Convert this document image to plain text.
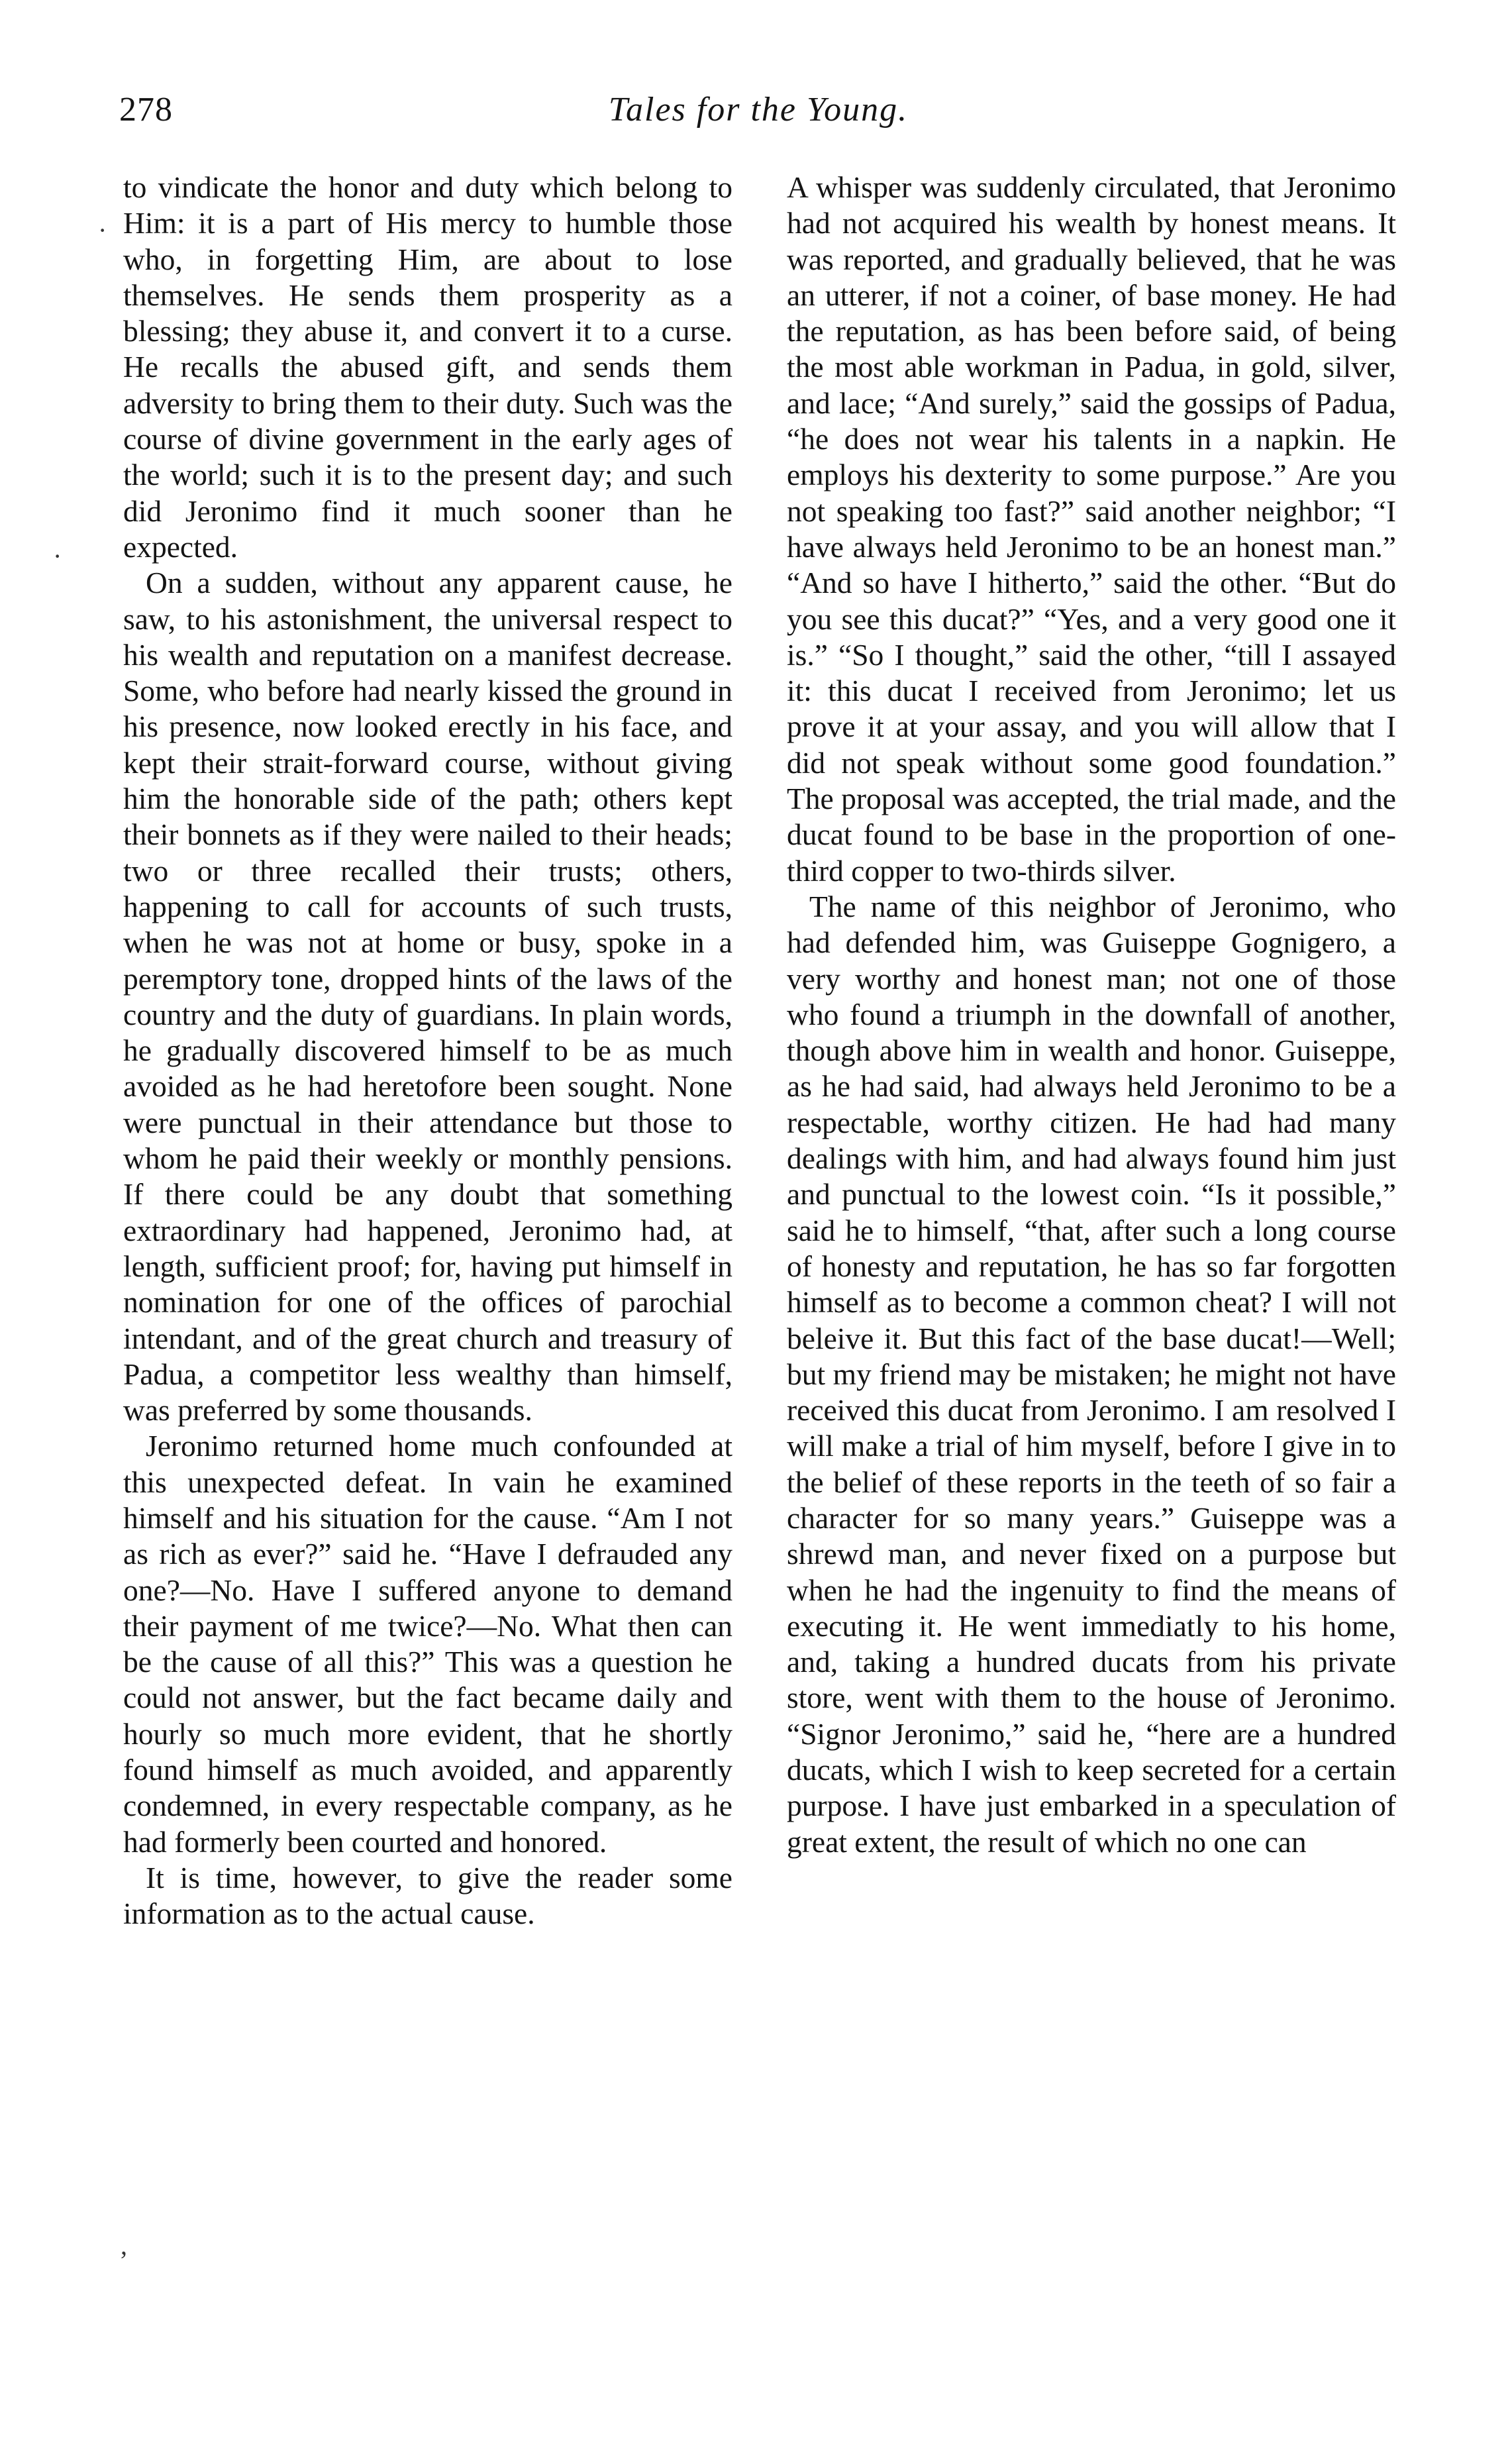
278	Tales for the Young.

to vindicate the honor and duty which belong to Him: it is a part of His mercy to humble those who, in forgetting Him, are about to lose themselves. He sends them prosperity as a blessing; they abuse it, and convert it to a curse. He recalls the abused gift, and sends them adversity to bring them to their duty. Such was the course of divine government in the early ages of the world; such it is to the present day; and such did Jeronimo find it much sooner than he expected.

On a sudden, without any apparent cause, he saw, to his astonishment, the universal respect to his wealth and reputation on a manifest decrease. Some, who before had nearly kissed the ground in his presence, now looked erectly in his face, and kept their strait-forward course, without giving him the honorable side of the path; others kept their bonnets as if they were nailed to their heads; two or three recalled their trusts; others, happening to call for accounts of such trusts, when he was not at home or busy, spoke in a peremptory tone, dropped hints of the laws of the country and the duty of guardians. In plain words, he gradually discovered himself to be as much avoided as he had heretofore been sought. None were punctual in their attendance but those to whom he paid their weekly or monthly pensions. If there could be any doubt that something extraordinary had happened, Jeronimo had, at length, sufficient proof; for, having put himself in nomination for one of the offices of parochial intendant, and of the great church and treasury of Padua, a competitor less wealthy than himself, was preferred by some thousands.

Jeronimo returned home much confounded at this unexpected defeat. In vain he examined himself and his situation for the cause. “Am I not as rich as ever?” said he. “Have I defrauded any one?—No. Have I suffered anyone to demand their payment of me twice?—No. What then can be the cause of all this?” This was a question he could not answer, but the fact became daily and hourly so much more evident, that he shortly found himself as much avoided, and apparently condemned, in every respectable company, as he had formerly been courted and honored.

It is time, however, to give the reader some information as to the actual cause.

A whisper was suddenly circulated, that Jeronimo had not acquired his wealth by honest means. It was reported, and gradually believed, that he was an utterer, if not a coiner, of base money. He had the reputation, as has been before said, of being the most able workman in Padua, in gold, silver, and lace; “And surely,” said the gossips of Padua, “he does not wear his talents in a napkin. He employs his dexterity to some purpose.” Are you not speaking too fast?” said another neighbor; “I have always held Jeronimo to be an honest man.” “And so have I hitherto,” said the other. “But do you see this ducat?” “Yes, and a very good one it is.” “So I thought,” said the other, “till I assayed it: this ducat I received from Jeronimo; let us prove it at your assay, and you will allow that I did not speak without some good foundation.” The proposal was accepted, the trial made, and the ducat found to be base in the proportion of one-third copper to two-thirds silver.

The name of this neighbor of Jeronimo, who had defended him, was Guiseppe Gognigero, a very worthy and honest man; not one of those who found a triumph in the downfall of another, though above him in wealth and honor. Guiseppe, as he had said, had always held Jeronimo to be a respectable, worthy citizen. He had had many dealings with him, and had always found him just and punctual to the lowest coin. “Is it possible,” said he to himself, “that, after such a long course of honesty and reputation, he has so far forgotten himself as to become a common cheat? I will not beleive it. But this fact of the base ducat!—Well; but my friend may be mistaken; he might not have received this ducat from Jeronimo. I am resolved I will make a trial of him myself, before I give in to the belief of these reports in the teeth of so fair a character for so many years.” Guiseppe was a shrewd man, and never fixed on a purpose but when he had the ingenuity to find the means of executing it. He went immediatly to his home, and, taking a hundred ducats from his private store, went with them to the house of Jeronimo. “Signor Jeronimo,” said he, “here are a hundred ducats, which I wish to keep secreted for a certain purpose. I have just embarked in a speculation of great extent, the result of which no one can

·
·
,
